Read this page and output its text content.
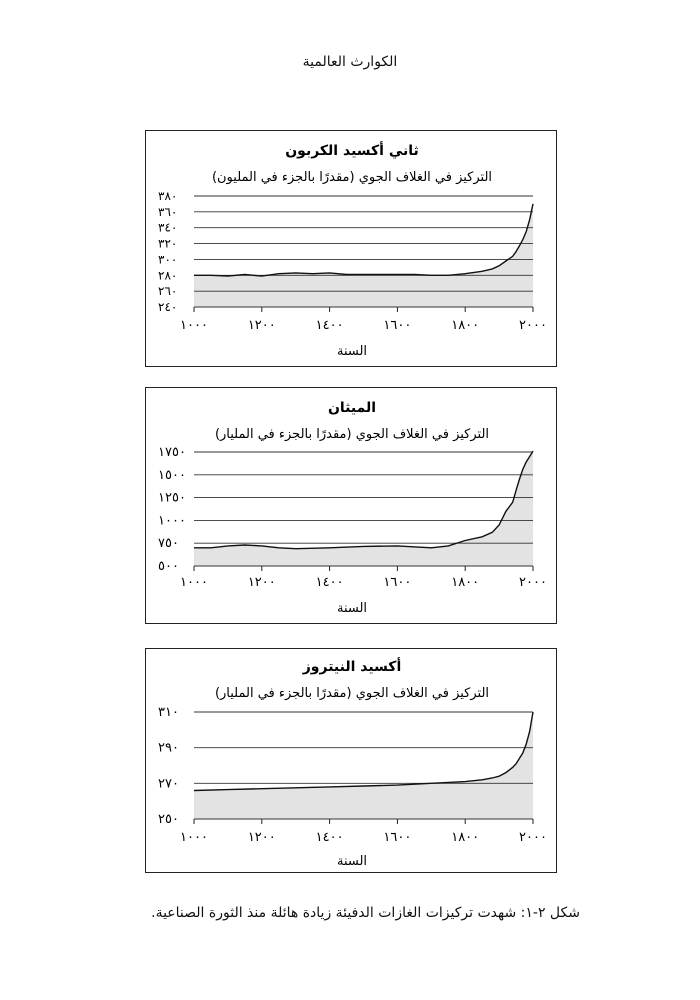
الكوارث العالمية
ثاني أكسيد الكربون
التركيز في الغلاف الجوي (مقدرًا بالجزء في المليون)
٢٤٠
٢٦٠
٢٨٠
٣٠٠
٣٢٠
٣٤٠
٣٦٠
٣٨٠
١٠٠٠	١٢٠٠	١٤٠٠	١٦٠٠	١٨٠٠	٢٠٠٠
السنة
الميثان
التركيز في الغلاف الجوي (مقدرًا بالجزء في المليار)
٥٠٠
٧٥٠
١٠٠٠
١٢٥٠
١٥٠٠
١٧٥٠
١٠٠٠	١٢٠٠	١٤٠٠	١٦٠٠	١٨٠٠	٢٠٠٠
السنة
أكسيد النيتروز
التركيز في الغلاف الجوي (مقدرًا بالجزء في المليار)
٢٥٠
٢٧٠
٢٩٠
٣١٠
١٠٠٠	١٢٠٠	١٤٠٠	١٦٠٠	١٨٠٠	٢٠٠٠
السنة
شكل ٢-١: شهدت تركيزات الغازات الدفيئة زيادة هائلة منذ الثورة الصناعية.
